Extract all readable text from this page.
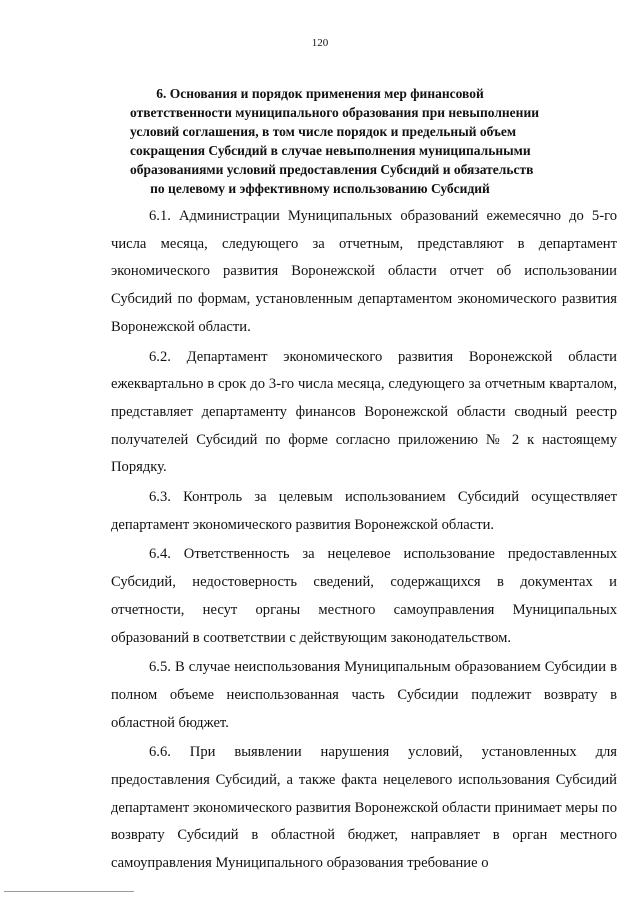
120
6. Основания и порядок применения мер финансовой
ответственности муниципального образования при невыполнении
условий соглашения, в том числе порядок и предельный объем
сокращения Субсидий в случае невыполнения муниципальными
образованиями условий предоставления Субсидий и обязательств
по целевому и эффективному использованию Субсидий

6.1. Администрации Муниципальных образований ежемесячно до 5-го числа месяца, следующего за отчетным, представляют в департамент экономического развития Воронежской области отчет об использовании Субсидий по формам, установленным департаментом экономического развития Воронежской области.

6.2. Департамент экономического развития Воронежской области ежеквартально в срок до 3-го числа месяца, следующего за отчетным кварталом, представляет департаменту финансов Воронежской области сводный реестр получателей Субсидий по форме согласно приложению № 2 к настоящему Порядку.

6.3. Контроль за целевым использованием Субсидий осуществляет департамент экономического развития Воронежской области.

6.4. Ответственность за нецелевое использование предоставленных Субсидий, недостоверность сведений, содержащихся в документах и отчетности, несут органы местного самоуправления Муниципальных образований в соответствии с действующим законодательством.

6.5. В случае неиспользования Муниципальным образованием Субсидии в полном объеме неиспользованная часть Субсидии подлежит возврату в областной бюджет.

6.6. При выявлении нарушения условий, установленных для предоставления Субсидий, а также факта нецелевого использования Субсидий департамент экономического развития Воронежской области принимает меры по возврату Субсидий в областной бюджет, направляет в орган местного самоуправления Муниципального образования требование о
